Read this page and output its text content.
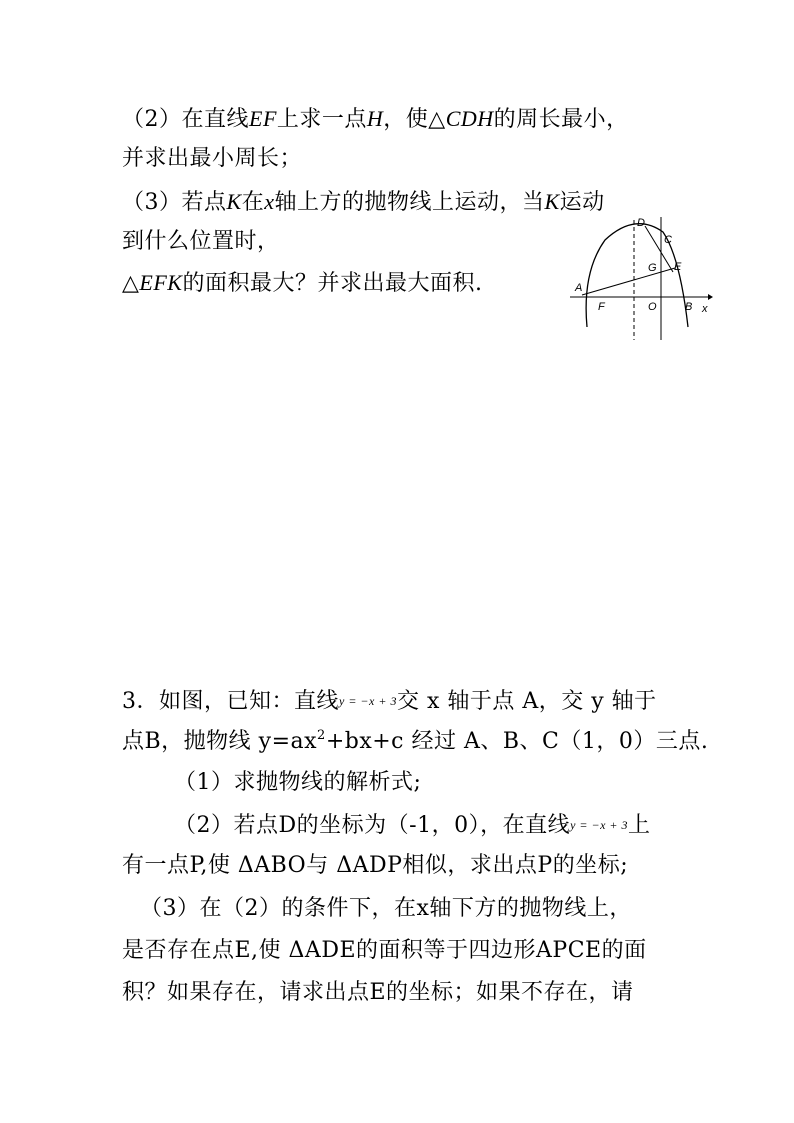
（2）在直线EF上求一点H，使△CDH的周长最小，
并求出最小周长；
（3）若点K在x轴上方的抛物线上运动，当K运动
到什么位置时，
△EFK的面积最大？并求出最大面积.
D
C
G E
A
F	O	B x
3．如图，已知：直线y = −x + 3交 x 轴于点 A，交 y 轴于
点B，抛物线 $y=ax^2+bx+c$ 经过 A、B、C（1，0）三点.
（1）求抛物线的解析式;
（2）若点D的坐标为（-1，0），在直线y = −x + 3上
有一点P,使 ΔABO与 ΔADP相似，求出点P的坐标;
（3）在（2）的条件下，在x轴下方的抛物线上，
是否存在点E,使 ΔADE的面积等于四边形APCE的面
积？如果存在，请求出点E的坐标；如果不存在，请
